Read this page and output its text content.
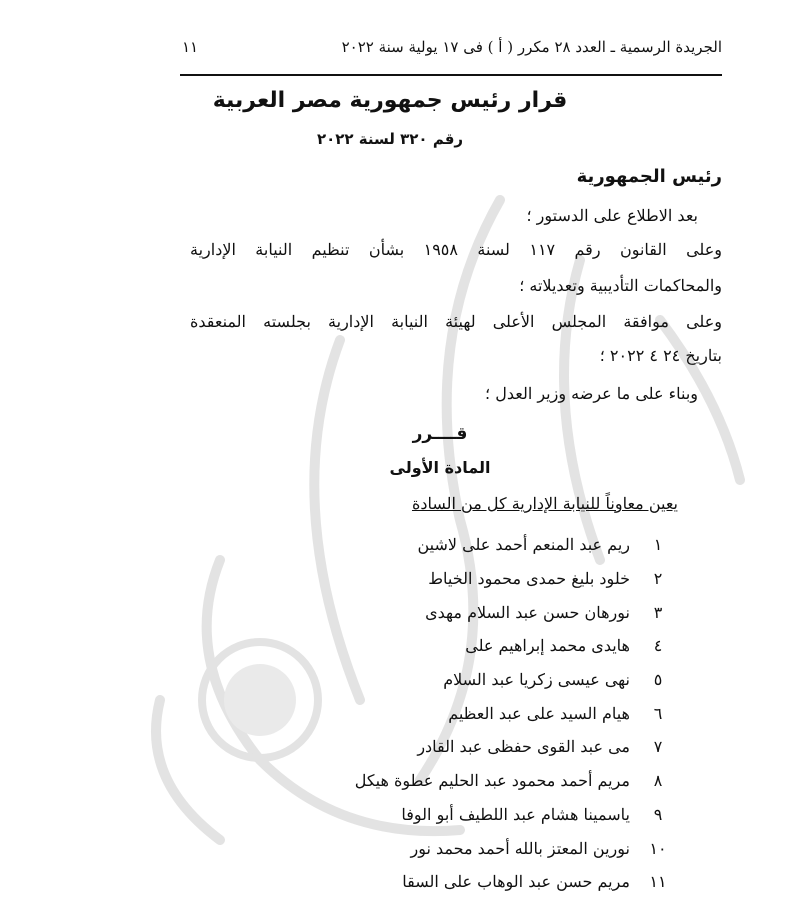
الجريدة الرسمية ـ العدد ٢٨ مكرر ( أ ) فى ١٧ يولية سنة ٢٠٢٢
١١
قرار رئيس جمهورية مصر العربية
رقم ٣٢٠ لسنة ٢٠٢٢
رئيس الجمهورية
بعد الاطلاع على الدستور ؛
وعلى القانون رقم ١١٧ لسنة ١٩٥٨ بشأن تنظيم النيابة الإدارية
والمحاكمات التأديبية وتعديلاته ؛
وعلى موافقة المجلس الأعلى لهيئة النيابة الإدارية بجلسته المنعقدة
بتاريخ ٢٤ ٤ ٢٠٢٢ ؛
وبناء على ما عرضه وزير العدل ؛
قــــرر
المادة الأولى
يعين معاوناً للنيابة الإدارية كل من السادة
١
ريم عبد المنعم أحمد على لاشين
٢
خلود بليغ حمدى محمود الخياط
٣
نورهان حسن عبد السلام مهدى
٤
هايدى محمد إبراهيم على
٥
نهى عيسى زكريا عبد السلام
٦
هيام السيد على عبد العظيم
٧
مى عبد القوى حفظى عبد القادر
٨
مريم أحمد محمود عبد الحليم عطوة هيكل
٩
ياسمينا هشام عبد اللطيف أبو الوفا
١٠
نورين المعتز بالله أحمد محمد نور
١١
مريم حسن عبد الوهاب على السقا
